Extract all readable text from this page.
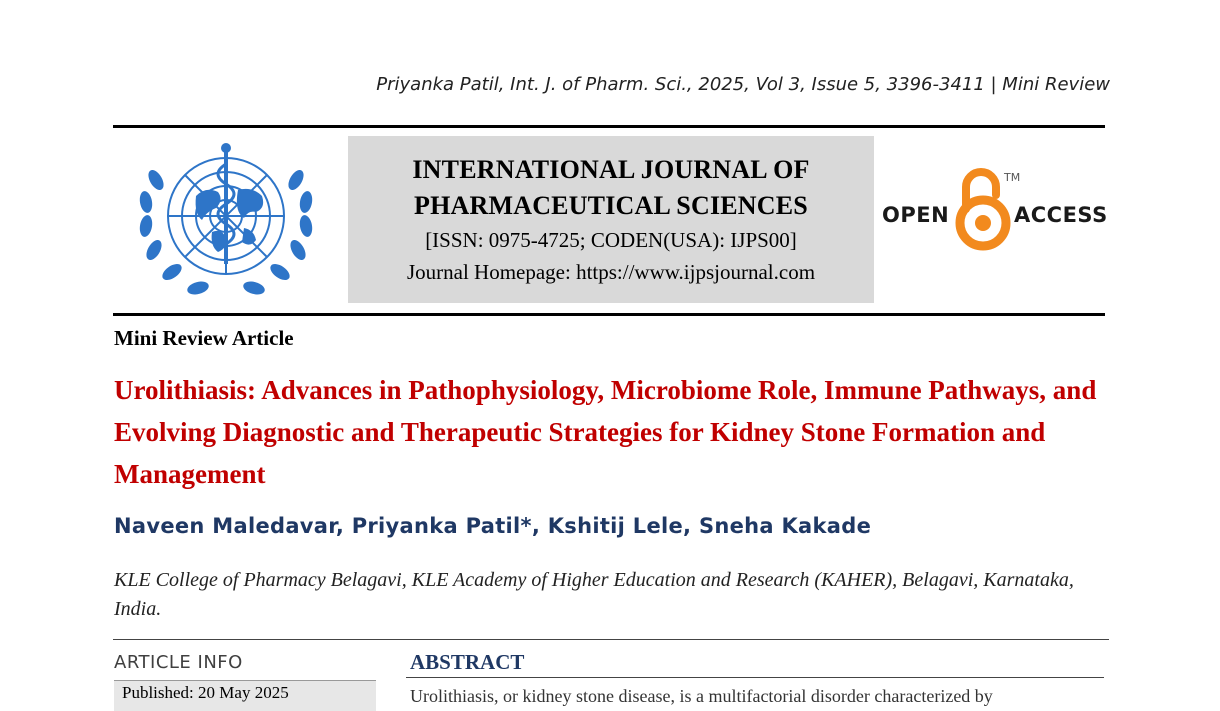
Priyanka Patil, Int. J. of Pharm. Sci., 2025, Vol 3, Issue 5, 3396-3411 | Mini Review
INTERNATIONAL JOURNAL OF
PHARMACEUTICAL SCIENCES
[ISSN: 0975-4725; CODEN(USA): IJPS00]
Journal Homepage: https://www.ijpsjournal.com
OPEN
TM
ACCESS
Mini Review Article
Urolithiasis: Advances in Pathophysiology, Microbiome Role, Immune Pathways, and Evolving Diagnostic and Therapeutic Strategies for Kidney Stone Formation and Management
Naveen Maledavar, Priyanka Patil*, Kshitij Lele, Sneha Kakade
KLE College of Pharmacy Belagavi, KLE Academy of Higher Education and Research (KAHER), Belagavi, Karnataka, India.
ARTICLE INFO
Published: 20 May 2025
ABSTRACT
Urolithiasis, or kidney stone disease, is a multifactorial disorder characterized by
